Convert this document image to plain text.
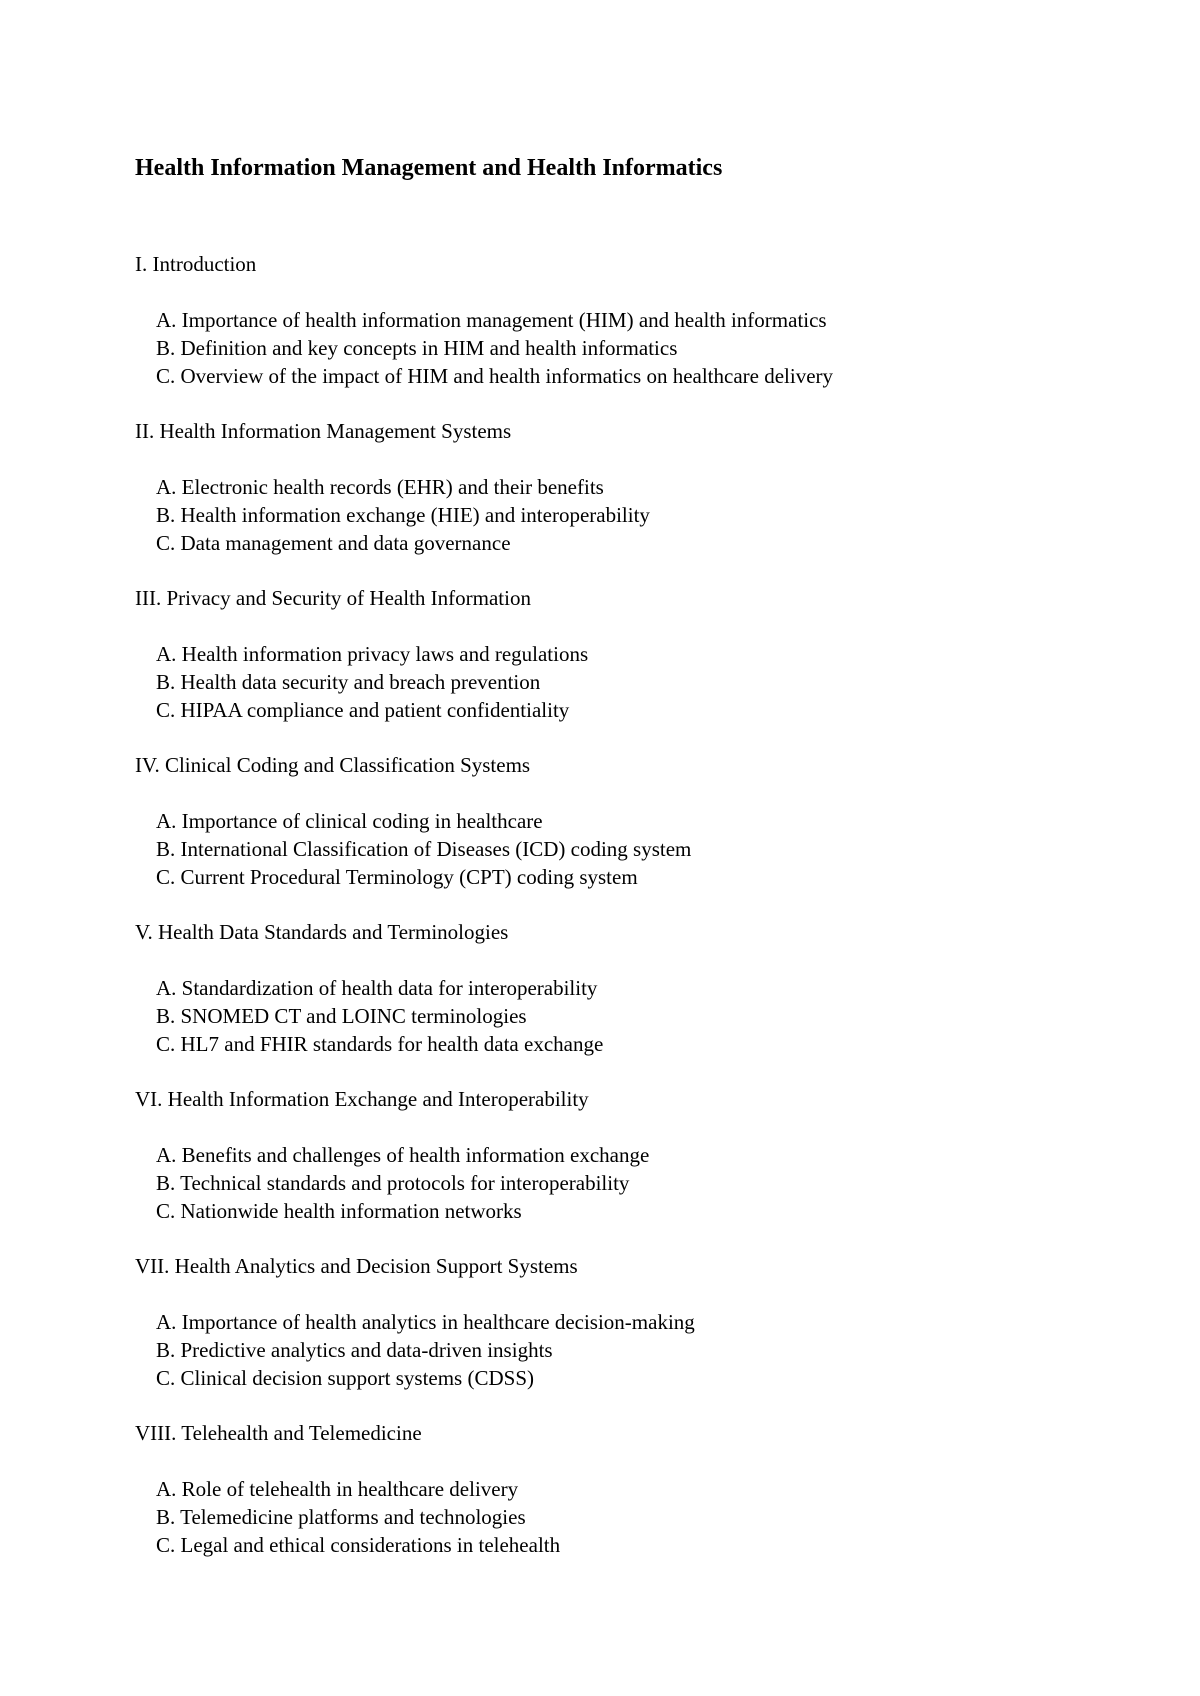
Health Information Management and Health Informatics
I. Introduction
A. Importance of health information management (HIM) and health informatics
B. Definition and key concepts in HIM and health informatics
C. Overview of the impact of HIM and health informatics on healthcare delivery
II. Health Information Management Systems
A. Electronic health records (EHR) and their benefits
B. Health information exchange (HIE) and interoperability
C. Data management and data governance
III. Privacy and Security of Health Information
A. Health information privacy laws and regulations
B. Health data security and breach prevention
C. HIPAA compliance and patient confidentiality
IV. Clinical Coding and Classification Systems
A. Importance of clinical coding in healthcare
B. International Classification of Diseases (ICD) coding system
C. Current Procedural Terminology (CPT) coding system
V. Health Data Standards and Terminologies
A. Standardization of health data for interoperability
B. SNOMED CT and LOINC terminologies
C. HL7 and FHIR standards for health data exchange
VI. Health Information Exchange and Interoperability
A. Benefits and challenges of health information exchange
B. Technical standards and protocols for interoperability
C. Nationwide health information networks
VII. Health Analytics and Decision Support Systems
A. Importance of health analytics in healthcare decision-making
B. Predictive analytics and data-driven insights
C. Clinical decision support systems (CDSS)
VIII. Telehealth and Telemedicine
A. Role of telehealth in healthcare delivery
B. Telemedicine platforms and technologies
C. Legal and ethical considerations in telehealth
